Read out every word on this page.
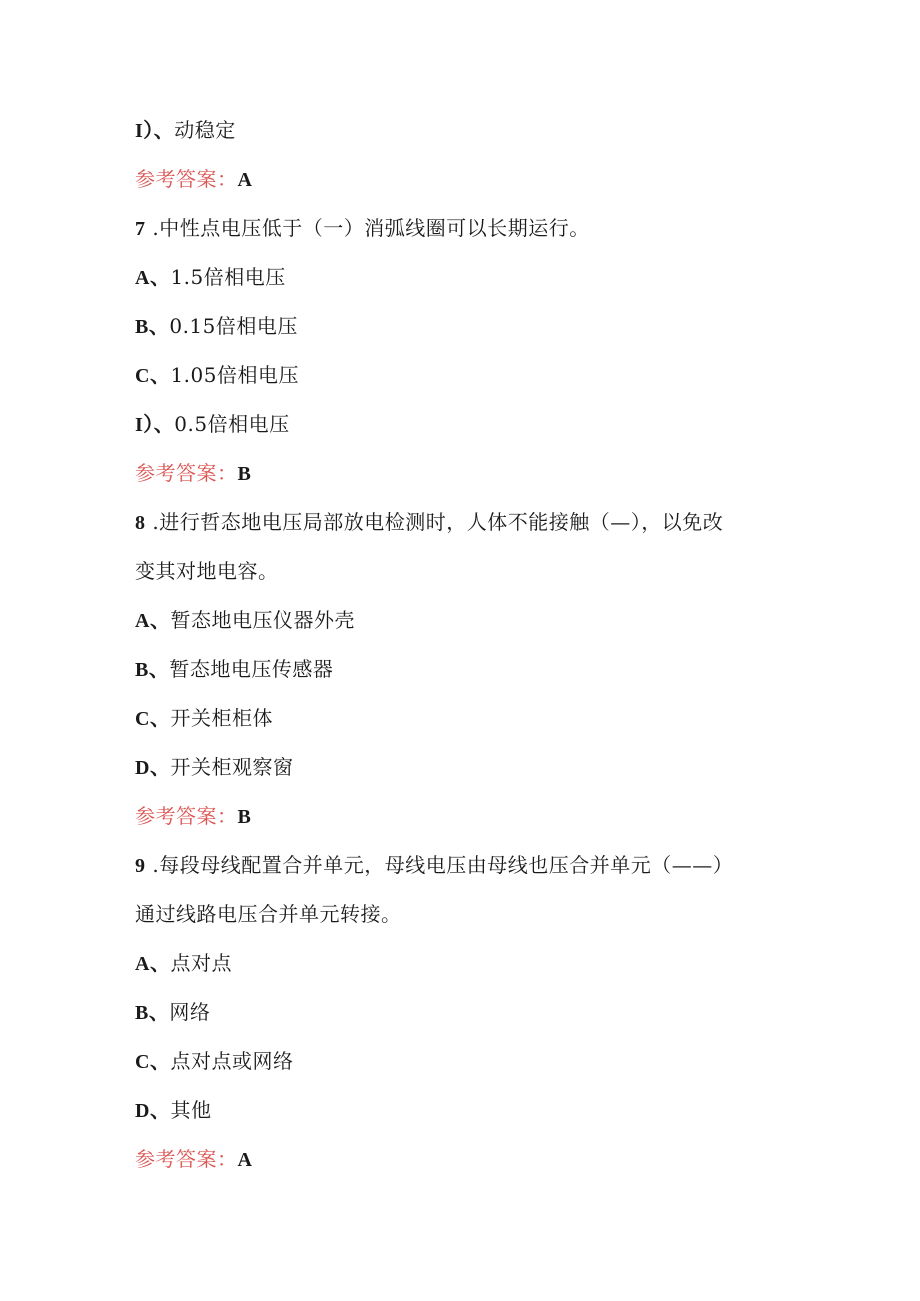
I）、动稳定
参考答案：A
7 .中性点电压低于（一）消弧线圈可以长期运行。
A、1.5倍相电压
B、0.15倍相电压
C、1.05倍相电压
I）、0.5倍相电压
参考答案：B
8 .进行哲态地电压局部放电检测时，人体不能接触（—），以免改
变其对地电容。
A、暂态地电压仪器外壳
B、暂态地电压传感器
C、开关柜柜体
D、开关柜观察窗
参考答案：B
9 .每段母线配置合并单元，母线电压由母线也压合并单元（——）
通过线路电压合并单元转接。
A、点对点
B、网络
C、点对点或网络
D、其他
参考答案：A
